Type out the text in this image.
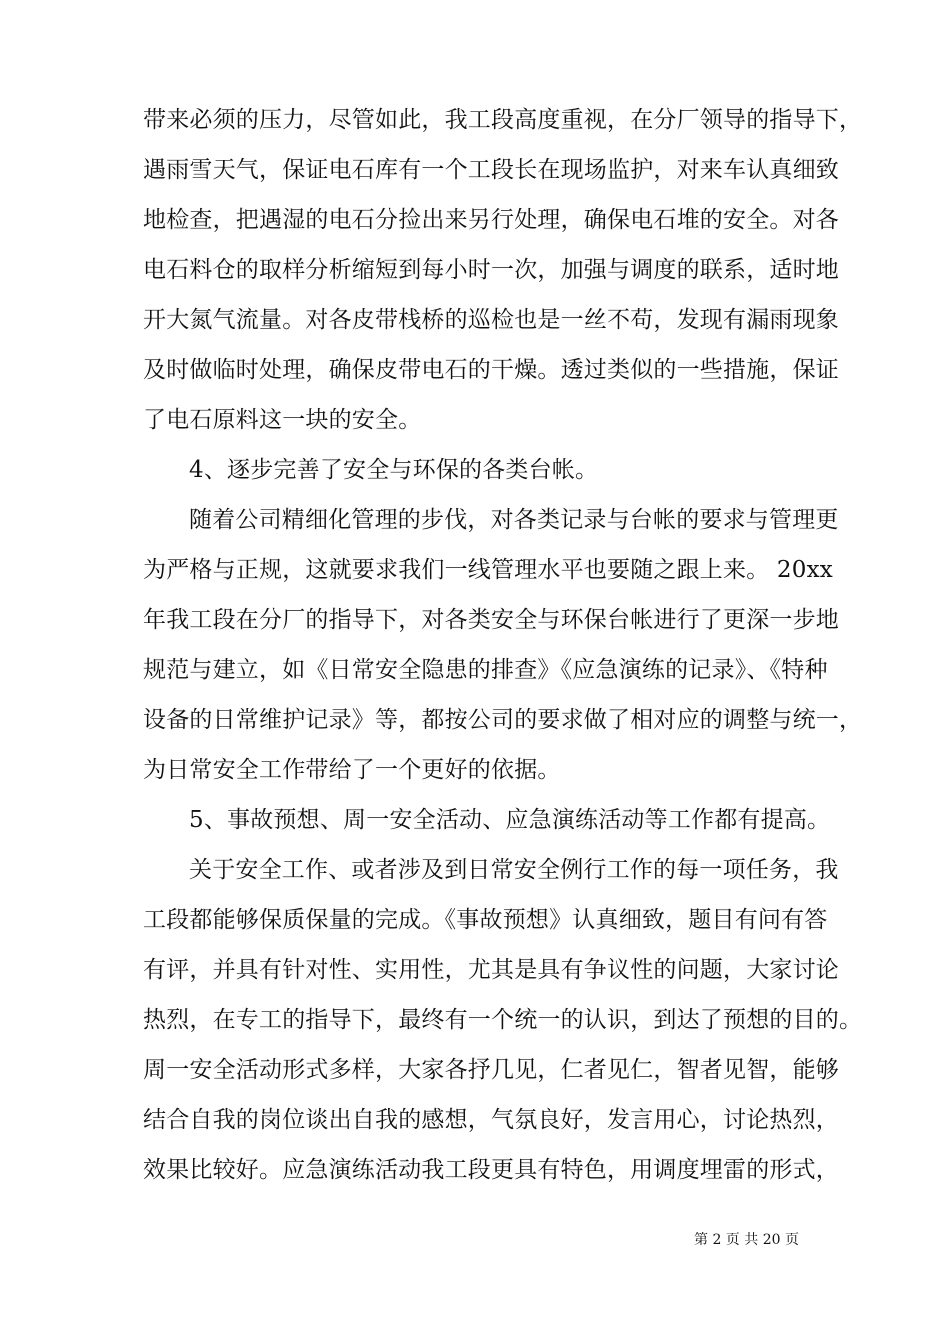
带来必须的压力，尽管如此，我工段高度重视，在分厂领导的指导下，
遇雨雪天气，保证电石库有一个工段长在现场监护，对来车认真细致
地检查，把遇湿的电石分捡出来另行处理，确保电石堆的安全。对各
电石料仓的取样分析缩短到每小时一次，加强与调度的联系，适时地
开大氮气流量。对各皮带栈桥的巡检也是一丝不苟，发现有漏雨现象
及时做临时处理，确保皮带电石的干燥。透过类似的一些措施，保证
了电石原料这一块的安全。
4、逐步完善了安全与环保的各类台帐。
随着公司精细化管理的步伐，对各类记录与台帐的要求与管理更
为严格与正规，这就要求我们一线管理水平也要随之跟上来。 20xx
年我工段在分厂的指导下，对各类安全与环保台帐进行了更深一步地
规范与建立，如《日常安全隐患的排查》《应急演练的记录》、《特种
设备的日常维护记录》等，都按公司的要求做了相对应的调整与统一，
为日常安全工作带给了一个更好的依据。
5、事故预想、周一安全活动、应急演练活动等工作都有提高。
关于安全工作、或者涉及到日常安全例行工作的每一项任务，我
工段都能够保质保量的完成。《事故预想》认真细致，题目有问有答
有评，并具有针对性、实用性，尤其是具有争议性的问题，大家讨论
热烈，在专工的指导下，最终有一个统一的认识，到达了预想的目的。
周一安全活动形式多样，大家各抒几见，仁者见仁，智者见智，能够
结合自我的岗位谈出自我的感想，气氛良好，发言用心，讨论热烈，
效果比较好。应急演练活动我工段更具有特色，用调度埋雷的形式，
第 2 页 共 20 页
